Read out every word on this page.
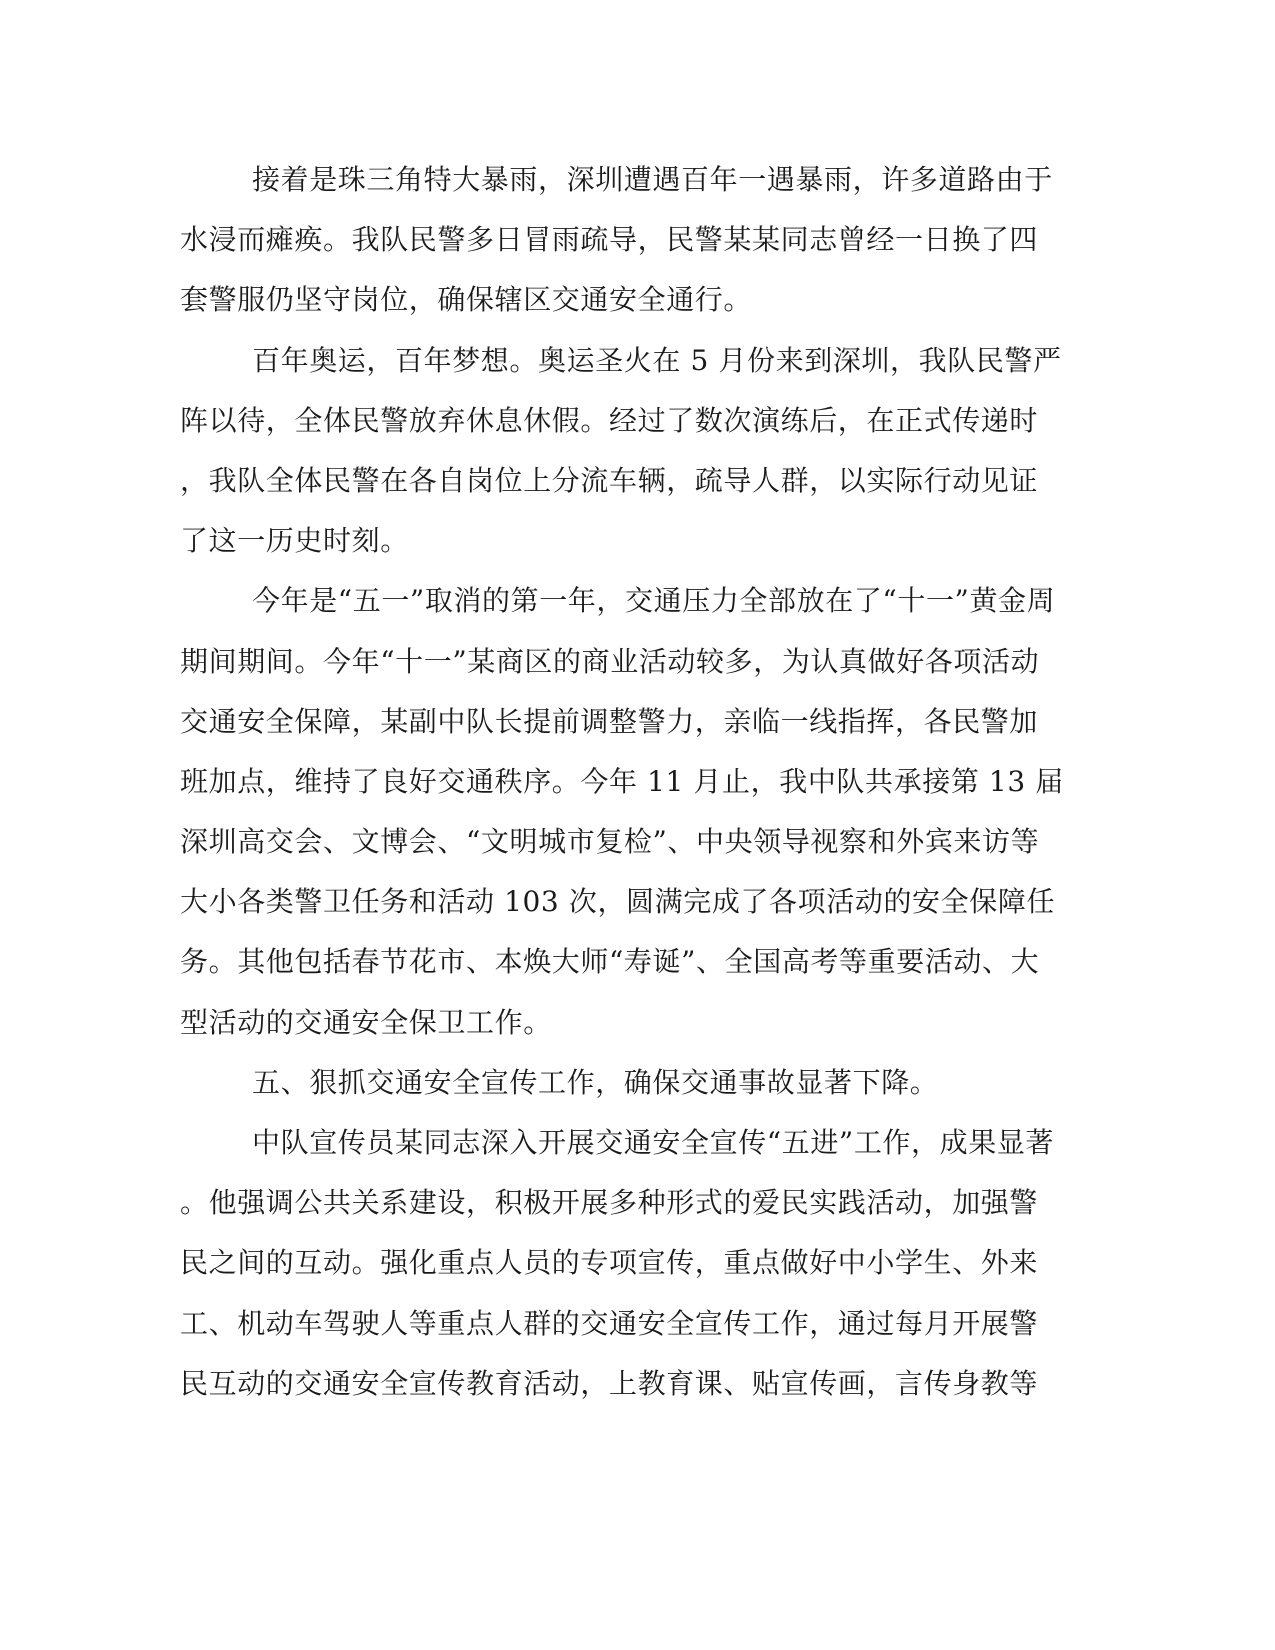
接着是珠三角特大暴雨，深圳遭遇百年一遇暴雨，许多道路由于
水浸而瘫痪。我队民警多日冒雨疏导，民警某某同志曾经一日换了四
套警服仍坚守岗位，确保辖区交通安全通行。
百年奥运，百年梦想。奥运圣火在 5 月份来到深圳，我队民警严
阵以待，全体民警放弃休息休假。经过了数次演练后，在正式传递时
，我队全体民警在各自岗位上分流车辆，疏导人群，以实际行动见证
了这一历史时刻。
今年是“五一”取消的第一年，交通压力全部放在了“十一”黄金周
期间期间。今年“十一”某商区的商业活动较多，为认真做好各项活动
交通安全保障，某副中队长提前调整警力，亲临一线指挥，各民警加
班加点，维持了良好交通秩序。今年 11 月止，我中队共承接第 13 届
深圳高交会、文博会、“文明城市复检”、中央领导视察和外宾来访等
大小各类警卫任务和活动 103 次，圆满完成了各项活动的安全保障任
务。其他包括春节花市、本焕大师“寿诞”、全国高考等重要活动、大
型活动的交通安全保卫工作。
五、狠抓交通安全宣传工作，确保交通事故显著下降。
中队宣传员某同志深入开展交通安全宣传“五进”工作，成果显著
。他强调公共关系建设，积极开展多种形式的爱民实践活动，加强警
民之间的互动。强化重点人员的专项宣传，重点做好中小学生、外来
工、机动车驾驶人等重点人群的交通安全宣传工作，通过每月开展警
民互动的交通安全宣传教育活动，上教育课、贴宣传画，言传身教等
